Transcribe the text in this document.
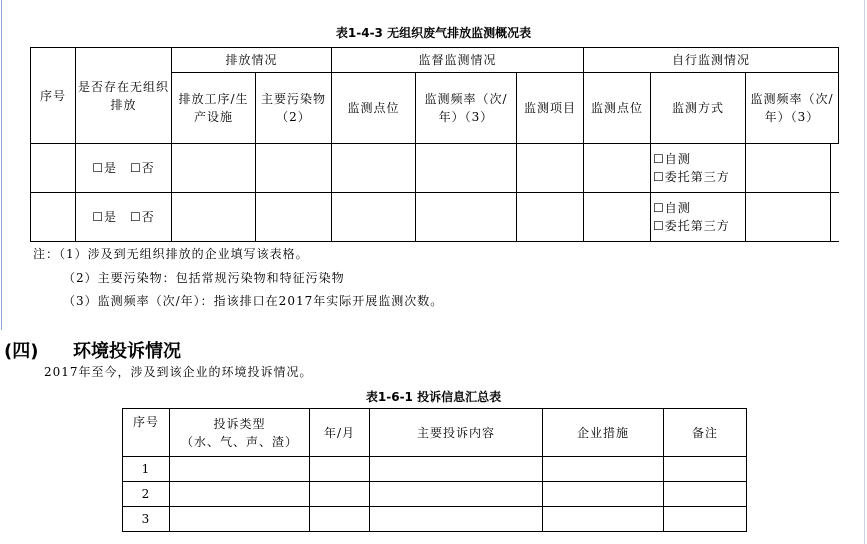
表1-4-3 无组织废气排放监测概况表
序号	是否存在无组织排放	排放情况		监督监测情况			自行监测情况			
		排放工序/生产设施	主要污染物（2）	监测点位	监测频率（次/年）（3）	监测项目	监测点位	监测方式	监测频率（次/年）（3）	
	☐是　☐否							☐自测
☐委托第三方		

	☐是　☐否							☐自测
☐委托第三方		

注：（1）涉及到无组织排放的企业填写该表格。
（2）主要污染物：包括常规污染物和特征污染物
（3）监测频率（次/年）：指该排口在2017年实际开展监测次数。
(四) 环境投诉情况
2017年至今，涉及到该企业的环境投诉情况。
表1-6-1 投诉信息汇总表
序号	投诉类型
（水、气、声、渣）	年/月	主要投诉内容	企业措施	备注
1					
2					
3					
